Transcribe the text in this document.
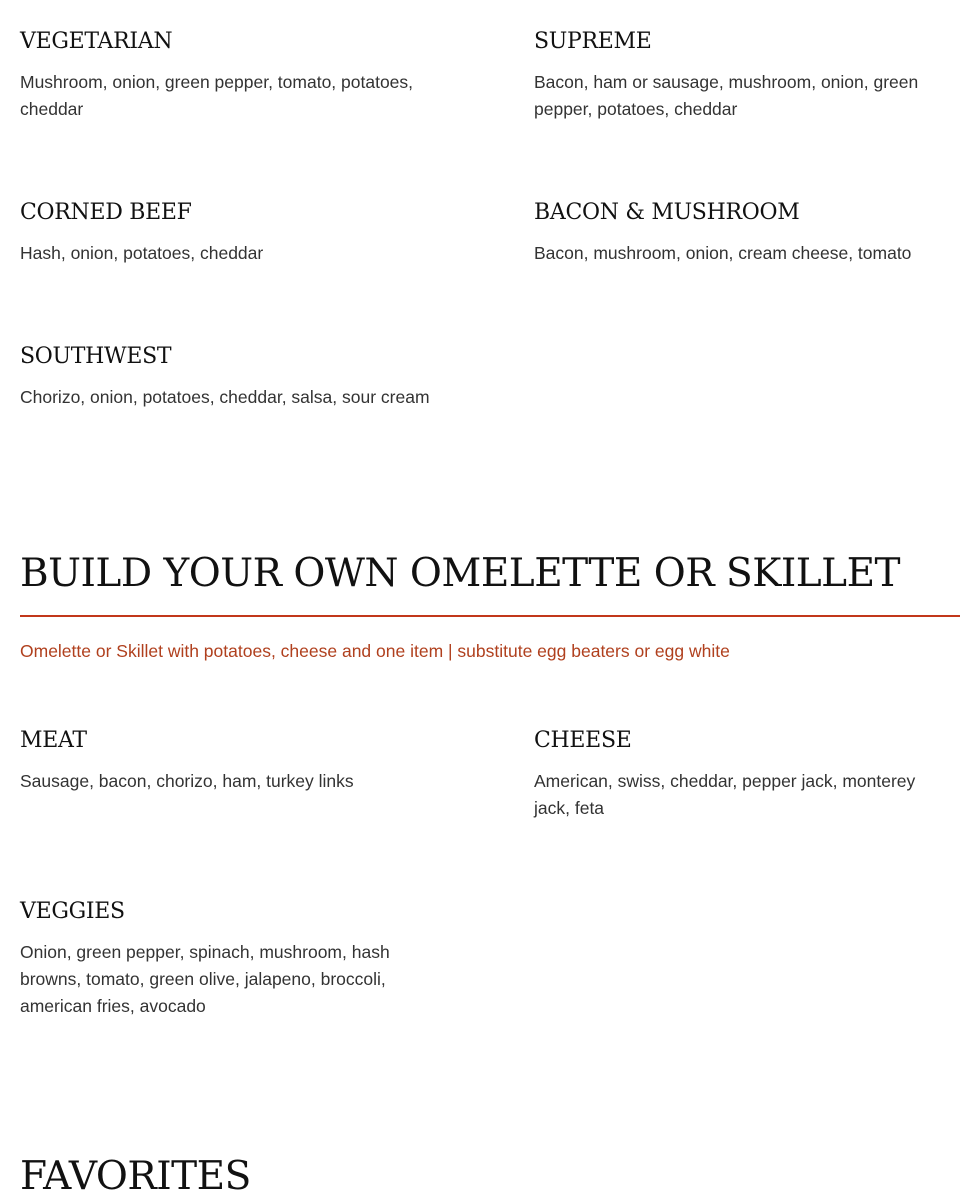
VEGETARIAN

Mushroom, onion, green pepper, tomato, potatoes, cheddar

SUPREME

Bacon, ham or sausage, mushroom, onion, green pepper, potatoes, cheddar

CORNED BEEF

Hash, onion, potatoes, cheddar

BACON & MUSHROOM

Bacon, mushroom, onion, cream cheese, tomato

SOUTHWEST

Chorizo, onion, potatoes, cheddar, salsa, sour cream

BUILD YOUR OWN OMELETTE OR SKILLET

Omelette or Skillet with potatoes, cheese and one item | substitute egg beaters or egg white

MEAT

Sausage, bacon, chorizo, ham, turkey links

CHEESE

American, swiss, cheddar, pepper jack, monterey jack, feta

VEGGIES

Onion, green pepper, spinach, mushroom, hash browns, tomato, green olive, jalapeno, broccoli, american fries, avocado

FAVORITES
